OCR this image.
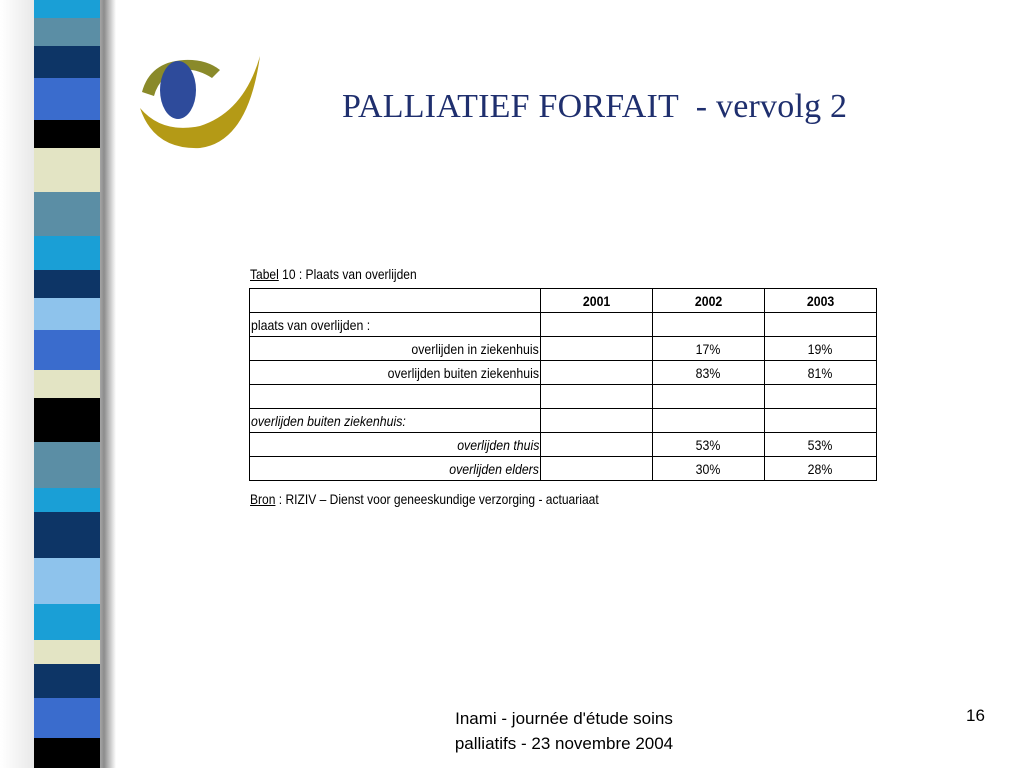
PALLIATIEF FORFAIT  - vervolg 2
Tabel 10 : Plaats van overlijden
	2001	2002	2003
plaats van overlijden :			
overlijden in ziekenhuis		17%	19%
overlijden buiten ziekenhuis		83%	81%

overlijden buiten ziekenhuis:			
overlijden thuis		53%	53%
overlijden elders		30%	28%
Bron : RIZIV – Dienst voor geneeskundige verzorging - actuariaat
Inami - journée d'étude soins
palliatifs - 23 novembre 2004
16
